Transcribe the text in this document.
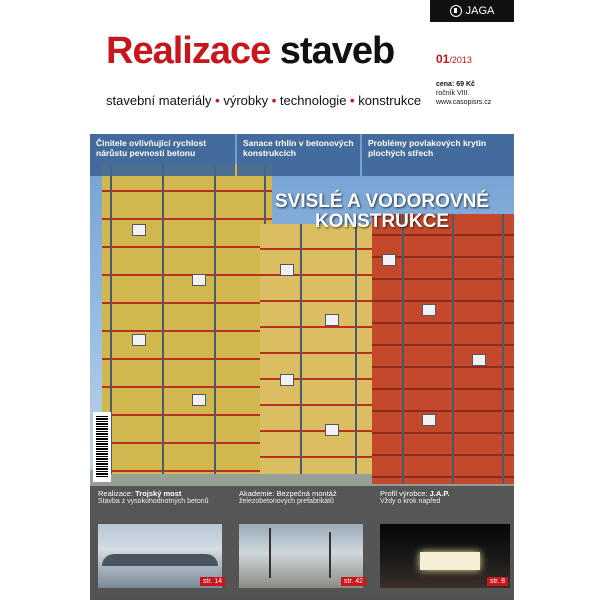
JAGA
Realizace staveb	01/2013
cena: 69 Kč
ročník VIII.
www.casopisrs.cz
stavební materiály • výrobky • technologie • konstrukce
Činitele ovlivňující rychlost nárůstu pevnosti betonu
Sanace trhlin v betonových konstrukcích
Problémy povlakových krytin plochých střech
SVISLÉ A VODOROVNÉ
KONSTRUKCE
Realizace: Trojský most
Stavba z vysokohodnotných betonů
str. 14
Akademie: Bezpečná montáž
železobetonových prefabrikátů
str. 42
Profil výrobce: J.A.P.
Vždy o krok napřed
str. 8
